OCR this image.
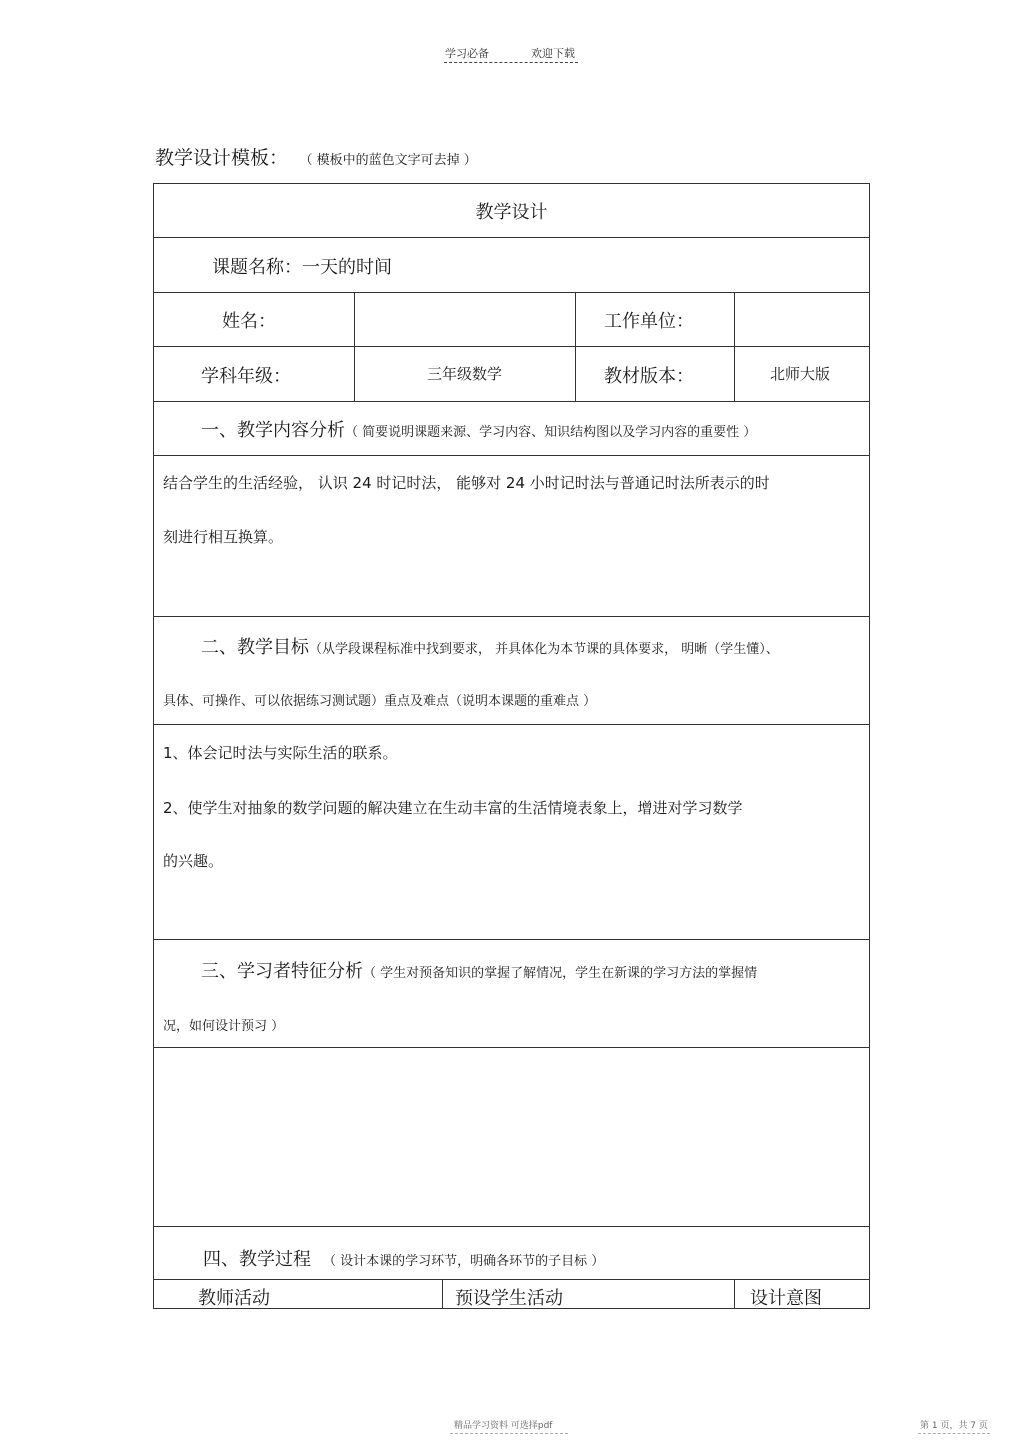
学习必备	欢迎下载
教学设计模板： （ 模板中的蓝色文字可去掉 ）
教学设计
课题名称：一天的时间
姓名：	工作单位：
学科年级：	三年级数学	教材版本：	北师大版
一、教学内容分析（ 简要说明课题来源、学习内容、知识结构图以及学习内容的重要性 ）
结合学生的生活经验， 认识 24 时记时法， 能够对 24 小时记时法与普通记时法所表示的时
刻进行相互换算。
二、教学目标（从学段课程标准中找到要求， 并具体化为本节课的具体要求， 明晰（学生懂）、
具体、可操作、可以依据练习测试题）重点及难点（说明本课题的重难点 ）
1、体会记时法与实际生活的联系。
2、使学生对抽象的数学问题的解决建立在生动丰富的生活情境表象上，增进对学习数学
的兴趣。
三、学习者特征分析（ 学生对预备知识的掌握了解情况，学生在新课的学习方法的掌握情
况，如何设计预习 ）
四、教学过程 （ 设计本课的学习环节，明确各环节的子目标 ）
教师活动	预设学生活动	设计意图
精品学习资料 可选择pdf	第 1 页，共 7 页
